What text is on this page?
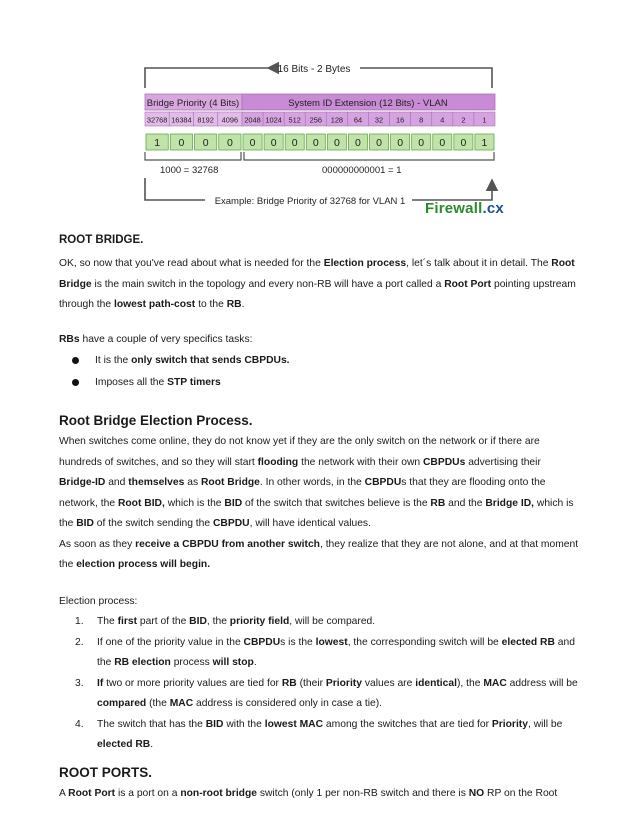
16 Bits - 2 Bytes
Bridge Priority (4 Bits)	System ID Extension (12 Bits) - VLAN
32768 16384 8192 4096 2048 1024 512 256 128 64 32 16 8 4 2 1
1 0 0 0 0 0 0 0 0 0 0 0 0 0 0 1
1000 = 32768	000000000001 = 1
Example: Bridge Priority of 32768 for VLAN 1 Firewall.cx
ROOT BRIDGE.

OK, so now that you've read about what is needed for the Election process, let´s talk about it in detail. The Root Bridge is the main switch in the topology and every non-RB will have a port called a Root Port pointing upstream through the lowest path-cost to the RB.

RBs have a couple of very specifics tasks:

It is the only switch that sends CBPDUs.
Imposes all the STP timers
Root Bridge Election Process.

When switches come online, they do not know yet if they are the only switch on the network or if there are hundreds of switches, and so they will start flooding the network with their own CBPDUs advertising their Bridge-ID and themselves as Root Bridge. In other words, in the CBPDUs that they are flooding onto the network, the Root BID, which is the BID of the switch that switches believe is the RB and the Bridge ID, which is the BID of the switch sending the CBPDU, will have identical values.

As soon as they receive a CBPDU from another switch, they realize that they are not alone, and at that moment the election process will begin.

Election process:

1. The first part of the BID, the priority field, will be compared.
2. If one of the priority value in the CBPDUs is the lowest, the corresponding switch will be elected RB and the RB election process will stop.
3. If two or more priority values are tied for RB (their Priority values are identical), the MAC address will be compared (the MAC address is considered only in case a tie).
4. The switch that has the BID with the lowest MAC among the switches that are tied for Priority, will be elected RB.
ROOT PORTS.

A Root Port is a port on a non-root bridge switch (only 1 per non-RB switch and there is NO RP on the Root
